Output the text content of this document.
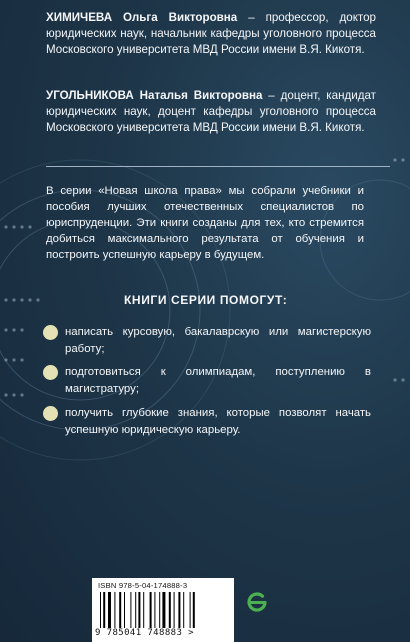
ХИМИЧЕВА Ольга Викторовна – профессор, доктор юридических наук, начальник кафедры уголовного процесса Московского университета МВД России имени В.Я. Кикотя.
УГОЛЬНИКОВА Наталья Викторовна – доцент, кандидат юридических наук, доцент кафедры уголовного процесса Московского университета МВД России имени В.Я. Кикотя.
В серии «Новая школа права» мы собрали учебники и пособия лучших отечественных специалистов по юриспруденции. Эти книги созданы для тех, кто стремится добиться максимального результата от обучения и построить успешную карьеру в будущем.
КНИГИ СЕРИИ ПОМОГУТ:
написать курсовую, бакалаврскую или магистерскую работу;
подготовиться к олимпиадам, поступлению в магистратуру;
получить глубокие знания, которые позволят начать успешную юридическую карьеру.
ISBN 978-5-04-174888-3
9 785041 748883 >
